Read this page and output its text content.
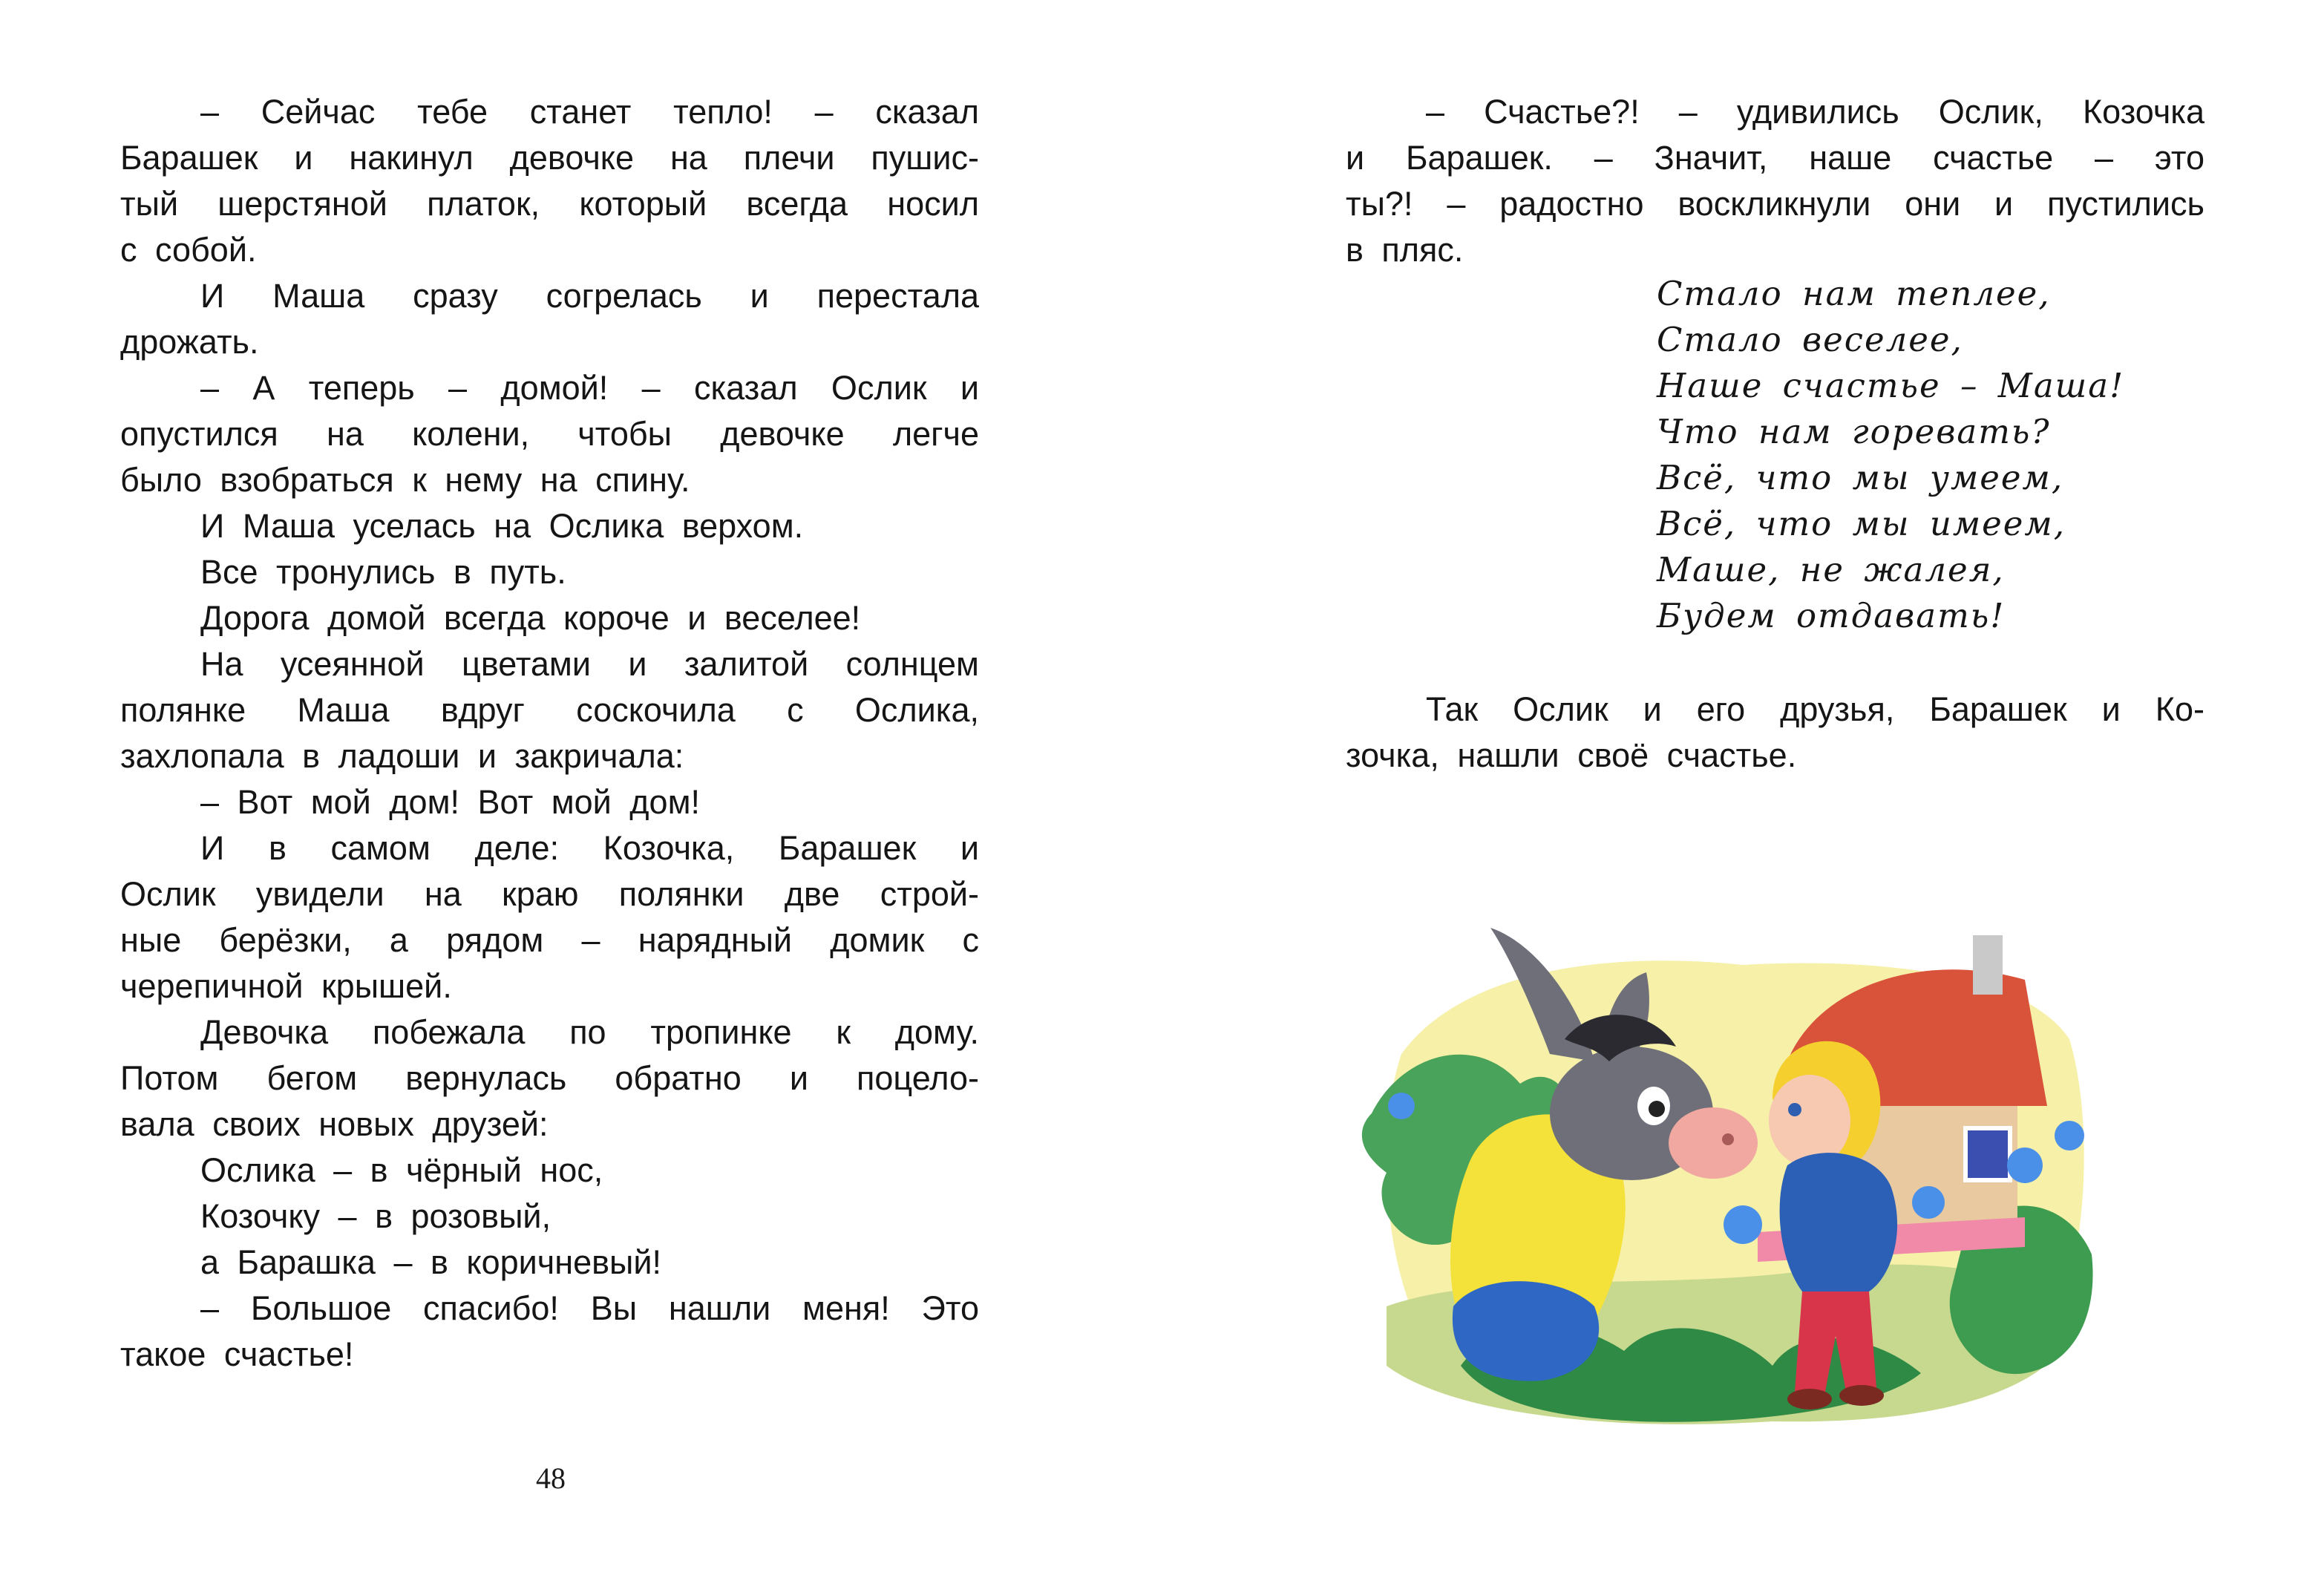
– Сейчас тебе станет тепло! – сказал
Барашек и накинул девочке на плечи пушис-
тый шерстяной платок, который всегда носил
с собой.
И Маша сразу согрелась и перестала
дрожать.
– А теперь – домой! – сказал Ослик и
опустился на колени, чтобы девочке легче
было взобраться к нему на спину.
И Маша уселась на Ослика верхом.
Все тронулись в путь.
Дорога домой всегда короче и веселее!
На усеянной цветами и залитой солнцем
полянке Маша вдруг соскочила с Ослика,
захлопала в ладоши и закричала:
– Вот мой дом! Вот мой дом!
И в самом деле: Козочка, Барашек и
Ослик увидели на краю полянки две строй-
ные берёзки, а рядом – нарядный домик с
черепичной крышей.
Девочка побежала по тропинке к дому.
Потом бегом вернулась обратно и поцело-
вала своих новых друзей:
Ослика – в чёрный нос,
Козочку – в розовый,
а Барашка – в коричневый!
– Большое спасибо! Вы нашли меня! Это
такое счастье!
48
– Счастье?! – удивились Ослик, Козочка
и Барашек. – Значит, наше счастье – это
ты?! – радостно воскликнули они и пустились
в пляс.
Стало нам теплее,
Стало веселее,
Наше счастье – Маша!
Что нам горевать?
Всё, что мы умеем,
Всё, что мы имеем,
Маше, не жалея,
Будем отдавать!
Так Ослик и его друзья, Барашек и Ко-
зочка, нашли своё счастье.
